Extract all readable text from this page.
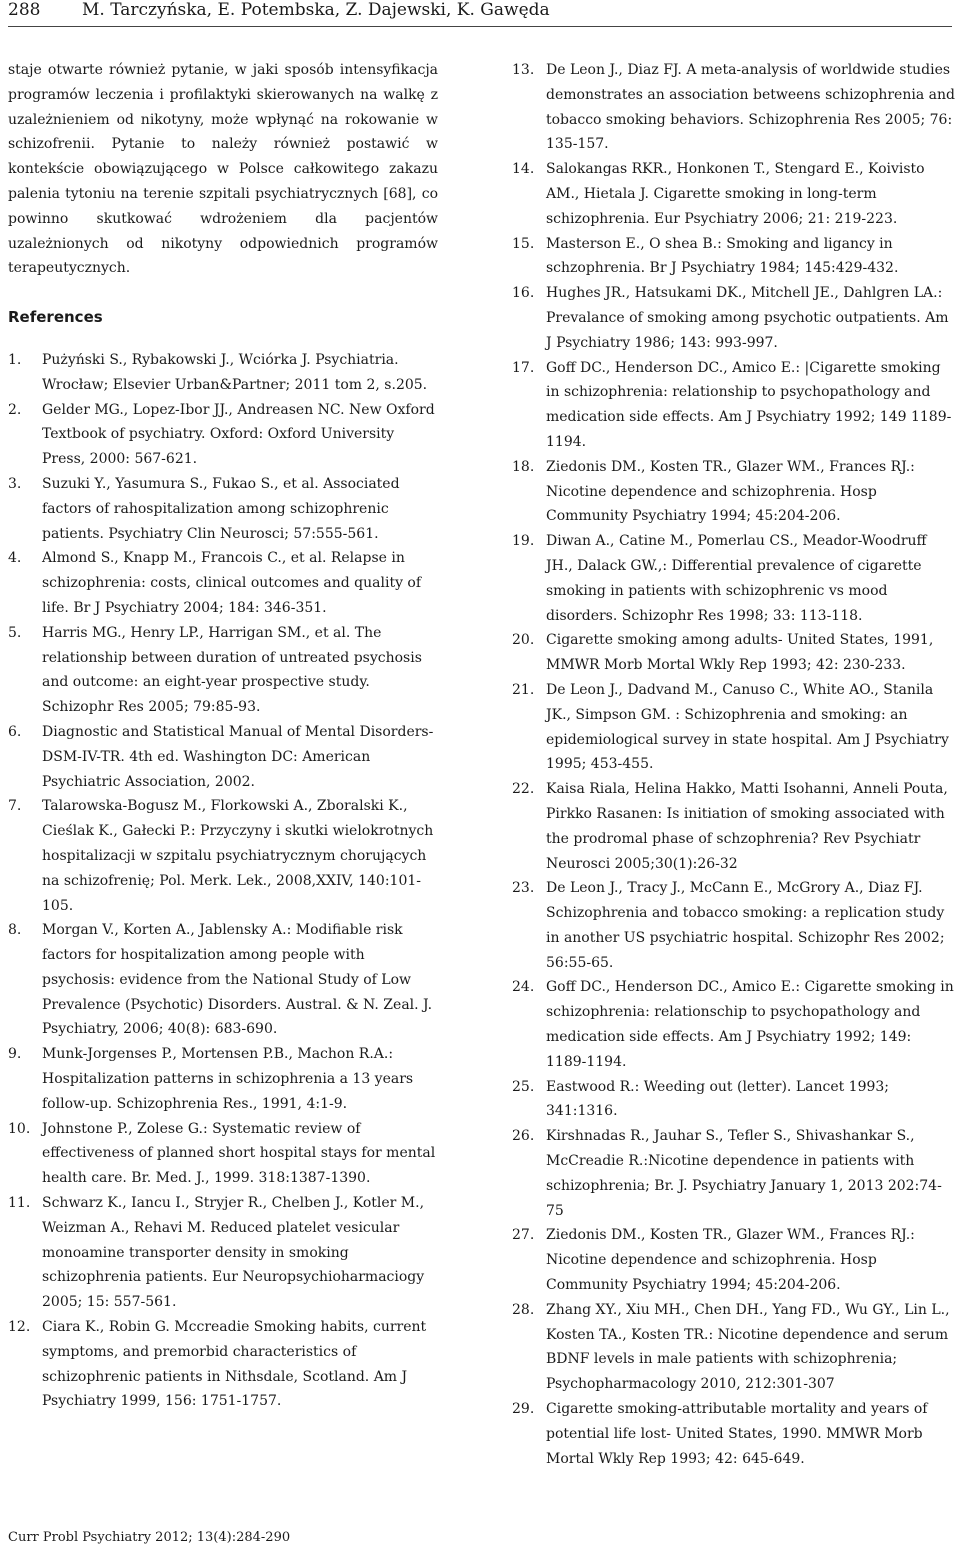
288 M. Tarczyńska, E. Potembska, Z. Dajewski, K. Gawęda

staje otwarte również pytanie, w jaki sposób intensyfikacja programów leczenia i profilaktyki skierowanych na walkę z uzależnieniem od nikotyny, może wpłynąć na rokowanie w schizofrenii. Pytanie to należy również postawić w kontekście obowiązującego w Polsce całkowitego zakazu palenia tytoniu na terenie szpitali psychiatrycznych [68], co powinno skutkować wdrożeniem dla pacjentów uzależnionych od nikotyny odpowiednich programów terapeutycznych.

References
1.	Pużyński S., Rybakowski J., Wciórka J. Psychiatria. Wrocław; Elsevier Urban&Partner; 2011 tom 2, s.205.
2.	Gelder MG., Lopez-Ibor JJ., Andreasen NC. New Oxford Textbook of psychiatry. Oxford: Oxford University Press, 2000: 567-621.
3.	Suzuki Y., Yasumura S., Fukao S., et al. Associated factors of rahospitalization among schizophrenic patients. Psychiatry Clin Neurosci; 57:555-561.
4.	Almond S., Knapp M., Francois C., et al. Relapse in schizophrenia: costs, clinical outcomes and quality of life. Br J Psychiatry 2004; 184: 346-351.
5.	Harris MG., Henry LP., Harrigan SM., et al. The relationship between duration of untreated psychosis and outcome: an eight-year prospective study. Schizophr Res 2005; 79:85-93.
6.	Diagnostic and Statistical Manual of Mental Disorders-DSM-IV-TR. 4th ed. Washington DC: American Psychiatric Association, 2002.
7.	Talarowska-Bogusz M., Florkowski A., Zboralski K., Cieślak K., Gałecki P.: Przyczyny i skutki wielokrotnych hospitalizacji w szpitalu psychiatrycznym chorujących na schizofrenię; Pol. Merk. Lek., 2008,XXIV, 140:101-105.
8.	Morgan V., Korten A., Jablensky A.: Modifiable risk factors for hospitalization among people with psychosis: evidence from the National Study of Low Prevalence (Psychotic) Disorders. Austral. & N. Zeal. J. Psychiatry, 2006; 40(8): 683-690.
9.	Munk-Jorgenses P., Mortensen P.B., Machon R.A.: Hospitalization patterns in schizophrenia a 13 years follow-up. Schizophrenia Res., 1991, 4:1-9.
10. Johnstone P., Zolese G.: Systematic review of effectiveness of planned short hospital stays for mental health care. Br. Med. J., 1999. 318:1387-1390.
11. Schwarz K., Iancu I., Stryjer R., Chelben J., Kotler M., Weizman A., Rehavi M. Reduced platelet vesicular monoamine transporter density in smoking schizophrenia patients. Eur Neuropsychioharmaciogy 2005; 15: 557-561.
12. Ciara K., Robin G. Mccreadie Smoking habits, current symptoms, and premorbid characteristics of schizophrenic patients in Nithsdale, Scotland. Am J Psychiatry 1999, 156: 1751-1757.
13. De Leon J., Diaz FJ. A meta-analysis of worldwide studies demonstrates an association betweens schizophrenia and tobacco smoking behaviors. Schizophrenia Res 2005; 76: 135-157.
14. Salokangas RKR., Honkonen T., Stengard E., Koivisto AM., Hietala J. Cigarette smoking in long-term schizophrenia. Eur Psychiatry 2006; 21: 219-223.
15. Masterson E., O shea B.: Smoking and ligancy in schzophrenia. Br J Psychiatry 1984; 145:429-432.
16. Hughes JR., Hatsukami DK., Mitchell JE., Dahlgren LA.: Prevalance of smoking among psychotic outpatients. Am J Psychiatry 1986; 143: 993-997.
17. Goff DC., Henderson DC., Amico E.: |Cigarette smoking in schizophrenia: relationship to psychopathology and medication side effects. Am J Psychiatry 1992; 149 1189-1194.
18. Ziedonis DM., Kosten TR., Glazer WM., Frances RJ.: Nicotine dependence and schizophrenia. Hosp Community Psychiatry 1994; 45:204-206.
19. Diwan A., Catine M., Pomerlau CS., Meador-Woodruff JH., Dalack GW.,: Differential prevalence of cigarette smoking in patients with schizophrenic vs mood disorders. Schizophr Res 1998; 33: 113-118.
20. Cigarette smoking among adults- United States, 1991, MMWR Morb Mortal Wkly Rep 1993; 42: 230-233.
21. De Leon J., Dadvand M., Canuso C., White AO., Stanila JK., Simpson GM. : Schizophrenia and smoking: an epidemiological survey in state hospital. Am J Psychiatry 1995; 453-455.
22. Kaisa Riala, Helina Hakko, Matti Isohanni, Anneli Pouta, Pirkko Rasanen: Is initiation of smoking associated with the prodromal phase of schzophrenia? Rev Psychiatr Neurosci 2005;30(1):26-32
23. De Leon J., Tracy J., McCann E., McGrory A., Diaz FJ. Schizophrenia and tobacco smoking: a replication study in another US psychiatric hospital. Schizophr Res 2002; 56:55-65.
24. Goff DC., Henderson DC., Amico E.: Cigarette smoking in schizophrenia: relationschip to psychopathology and medication side effects. Am J Psychiatry 1992; 149: 1189-1194.
25. Eastwood R.: Weeding out (letter). Lancet 1993; 341:1316.
26. Kirshnadas R., Jauhar S., Tefler S., Shivashankar S., McCreadie R.:Nicotine dependence in patients with schizophrenia; Br. J. Psychiatry January 1, 2013 202:74-75
27. Ziedonis DM., Kosten TR., Glazer WM., Frances RJ.: Nicotine dependence and schizophrenia. Hosp Community Psychiatry 1994; 45:204-206.
28. Zhang XY., Xiu MH., Chen DH., Yang FD., Wu GY., Lin L., Kosten TA., Kosten TR.: Nicotine dependence and serum BDNF levels in male patients with schizophrenia; Psychopharmacology 2010, 212:301-307
29. Cigarette smoking-attributable mortality and years of potential life lost- United States, 1990. MMWR Morb Mortal Wkly Rep 1993; 42: 645-649.
Curr Probl Psychiatry 2012; 13(4):284-290
